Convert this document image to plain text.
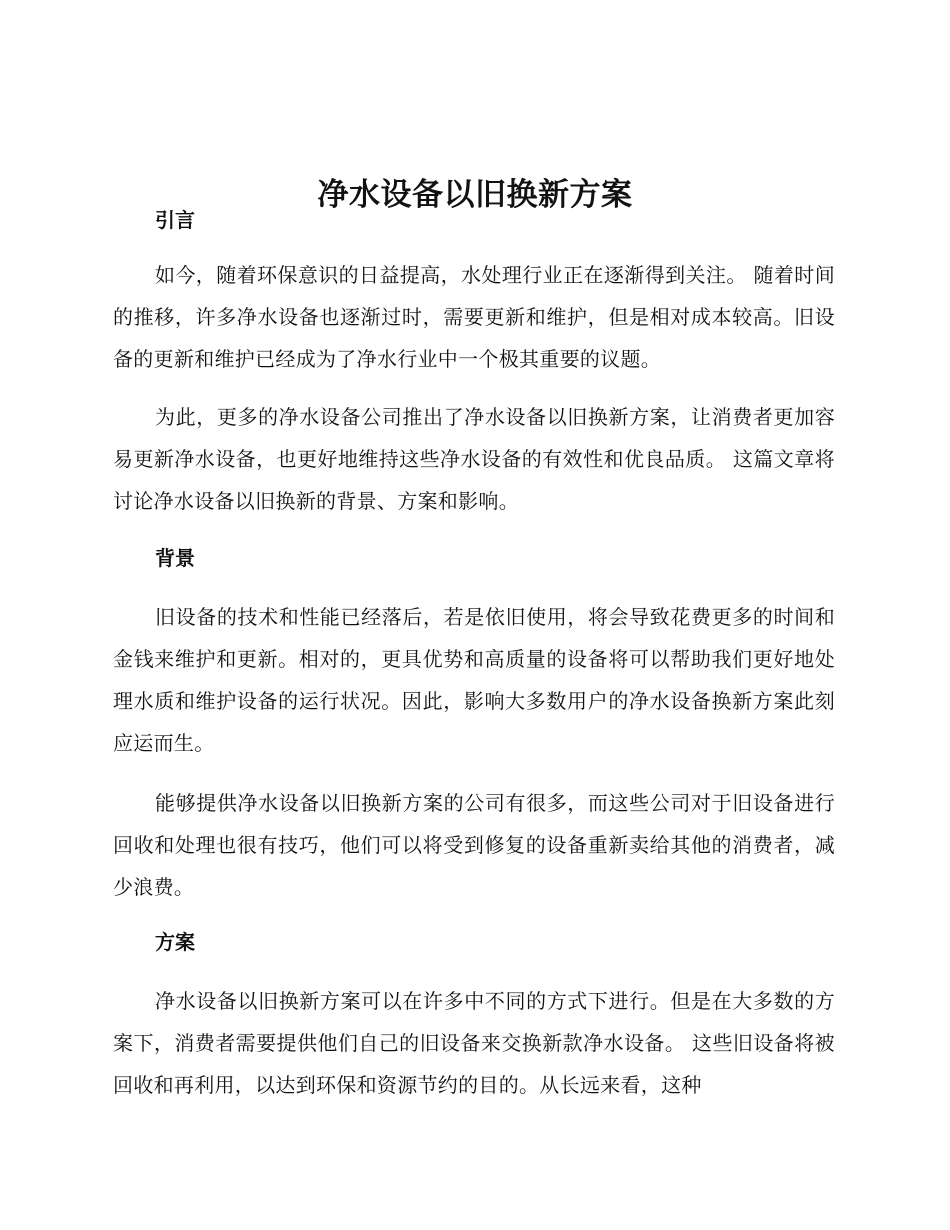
净水设备以旧换新方案
引言

如今，随着环保意识的日益提高，水处理行业正在逐渐得到关注。 随着时间的推移，许多净水设备也逐渐过时，需要更新和维护，但是相对成本较高。旧设备的更新和维护已经成为了净水行业中一个极其重要的议题。

为此，更多的净水设备公司推出了净水设备以旧换新方案，让消费者更加容易更新净水设备，也更好地维持这些净水设备的有效性和优良品质。 这篇文章将讨论净水设备以旧换新的背景、方案和影响。

背景

旧设备的技术和性能已经落后，若是依旧使用，将会导致花费更多的时间和金钱来维护和更新。相对的，更具优势和高质量的设备将可以帮助我们更好地处理水质和维护设备的运行状况。因此，影响大多数用户的净水设备换新方案此刻应运而生。

能够提供净水设备以旧换新方案的公司有很多，而这些公司对于旧设备进行回收和处理也很有技巧，他们可以将受到修复的设备重新卖给其他的消费者，减少浪费。

方案

净水设备以旧换新方案可以在许多中不同的方式下进行。但是在大多数的方案下，消费者需要提供他们自己的旧设备来交换新款净水设备。 这些旧设备将被回收和再利用，以达到环保和资源节约的目的。从长远来看，这种
